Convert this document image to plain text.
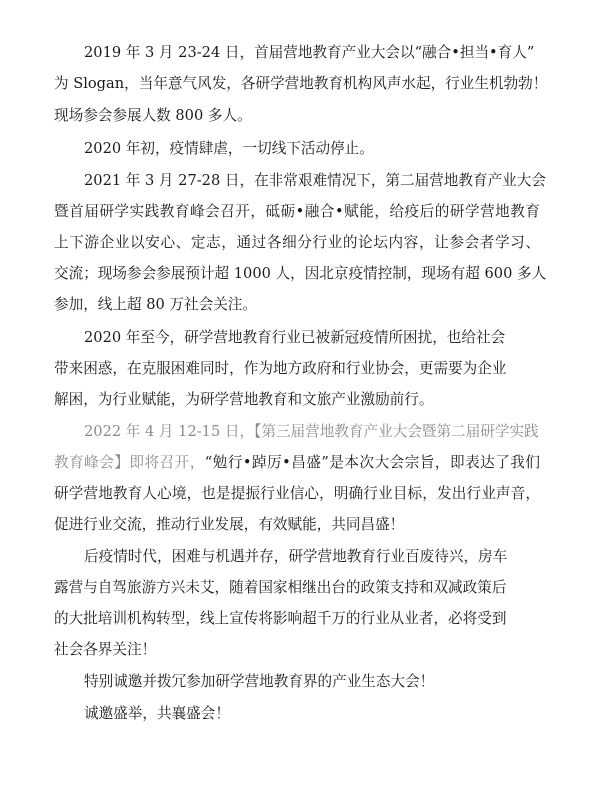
2019 年 3 月 23-24 日，首届营地教育产业大会以“融合•担当•育人”
为 Slogan，当年意气风发，各研学营地教育机构风声水起，行业生机勃勃！
现场参会参展人数 800 多人。
2020 年初，疫情肆虐，一切线下活动停止。
2021 年 3 月 27-28 日，在非常艰难情况下，第二届营地教育产业大会
暨首届研学实践教育峰会召开，砥砺•融合•赋能，给疫后的研学营地教育
上下游企业以安心、定志，通过各细分行业的论坛内容，让参会者学习、
交流；现场参会参展预计超 1000 人，因北京疫情控制，现场有超 600 多人
参加，线上超 80 万社会关注。
2020 年至今，研学营地教育行业已被新冠疫情所困扰，也给社会
带来困惑，在克服困难同时，作为地方政府和行业协会，更需要为企业
解困，为行业赋能，为研学营地教育和文旅产业激励前行。
2022 年 4 月 12-15 日，【第三届营地教育产业大会暨第二届研学实践
教育峰会】即将召开，“勉行•踔厉•昌盛”是本次大会宗旨，即表达了我们
研学营地教育人心境，也是提振行业信心，明确行业目标，发出行业声音，
促进行业交流，推动行业发展，有效赋能，共同昌盛！
后疫情时代，困难与机遇并存，研学营地教育行业百废待兴，房车
露营与自驾旅游方兴未艾，随着国家相继出台的政策支持和双减政策后
的大批培训机构转型，线上宣传将影响超千万的行业从业者，必将受到
社会各界关注！
特别诚邀并拨冗参加研学营地教育界的产业生态大会！
诚邀盛举，共襄盛会！
